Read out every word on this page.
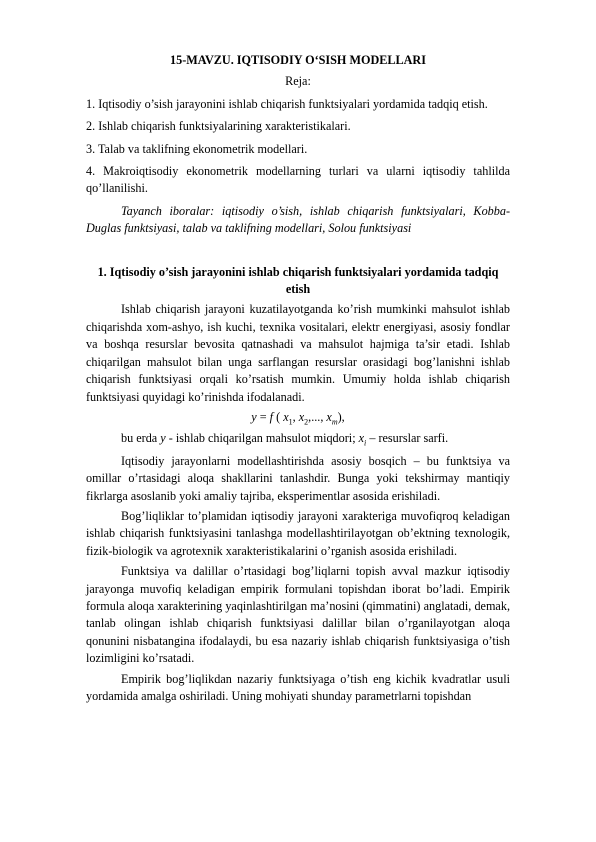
15-MAVZU. IQTISODIY O‘SISH MODELLARI
Reja:
1. Iqtisodiy o’sish jarayonini ishlab chiqarish funktsiyalari yordamida tadqiq etish.
2. Ishlab chiqarish funktsiyalarining xarakteristikalari.
3. Talab va taklifning ekonometrik modellari.
4. Makroiqtisodiy ekonometrik modellarning turlari va ularni iqtisodiy tahlilda qo’llanilishi.

Tayanch iboralar: iqtisodiy o’sish, ishlab chiqarish funktsiyalari, Kobba-Duglas funktsiyasi, talab va taklifning modellari, Solou funktsiyasi

1. Iqtisodiy o’sish jarayonini ishlab chiqarish funktsiyalari yordamida tadqiq etish

Ishlab chiqarish jarayoni kuzatilayotganda ko’rish mumkinki mahsulot ishlab chiqarishda xom-ashyo, ish kuchi, texnika vositalari, elektr energiyasi, asosiy fondlar va boshqa resurslar bevosita qatnashadi va mahsulot hajmiga ta’sir etadi. Ishlab chiqarilgan mahsulot bilan unga sarflangan resurslar orasidagi bog’lanishni ishlab chiqarish funktsiyasi orqali ko’rsatish mumkin. Umumiy holda ishlab chiqarish funktsiyasi quyidagi ko’rinishda ifodalanadi.

y = f ( $x_1$, $x_2$,..., $x_m$),

bu erda y - ishlab chiqarilgan mahsulot miqdori; $x_i$ – resurslar sarfi.

Iqtisodiy jarayonlarni modellashtirishda asosiy bosqich – bu funktsiya va omillar o’rtasidagi aloqa shakllarini tanlashdir. Bunga yoki tekshirmay mantiqiy fikrlarga asoslanib yoki amaliy tajriba, eksperimentlar asosida erishiladi.

Bog’liqliklar to’plamidan iqtisodiy jarayoni xarakteriga muvofiqroq keladigan ishlab chiqarish funktsiyasini tanlashga modellashtirilayotgan ob’ektning texnologik, fizik-biologik va agrotexnik xarakteristikalarini o’rganish asosida erishiladi.

Funktsiya va dalillar o’rtasidagi bog’liqlarni topish avval mazkur iqtisodiy jarayonga muvofiq keladigan empirik formulani topishdan iborat bo’ladi. Empirik formula aloqa xarakterining yaqinlashtirilgan ma’nosini (qimmatini) anglatadi, demak, tanlab olingan ishlab chiqarish funktsiyasi dalillar bilan o’rganilayotgan aloqa qonunini nisbatangina ifodalaydi, bu esa nazariy ishlab chiqarish funktsiyasiga o’tish lozimligini ko’rsatadi.

Empirik bog’liqlikdan nazariy funktsiyaga o’tish eng kichik kvadratlar usuli yordamida amalga oshiriladi. Uning mohiyati shunday parametrlarni topishdan
